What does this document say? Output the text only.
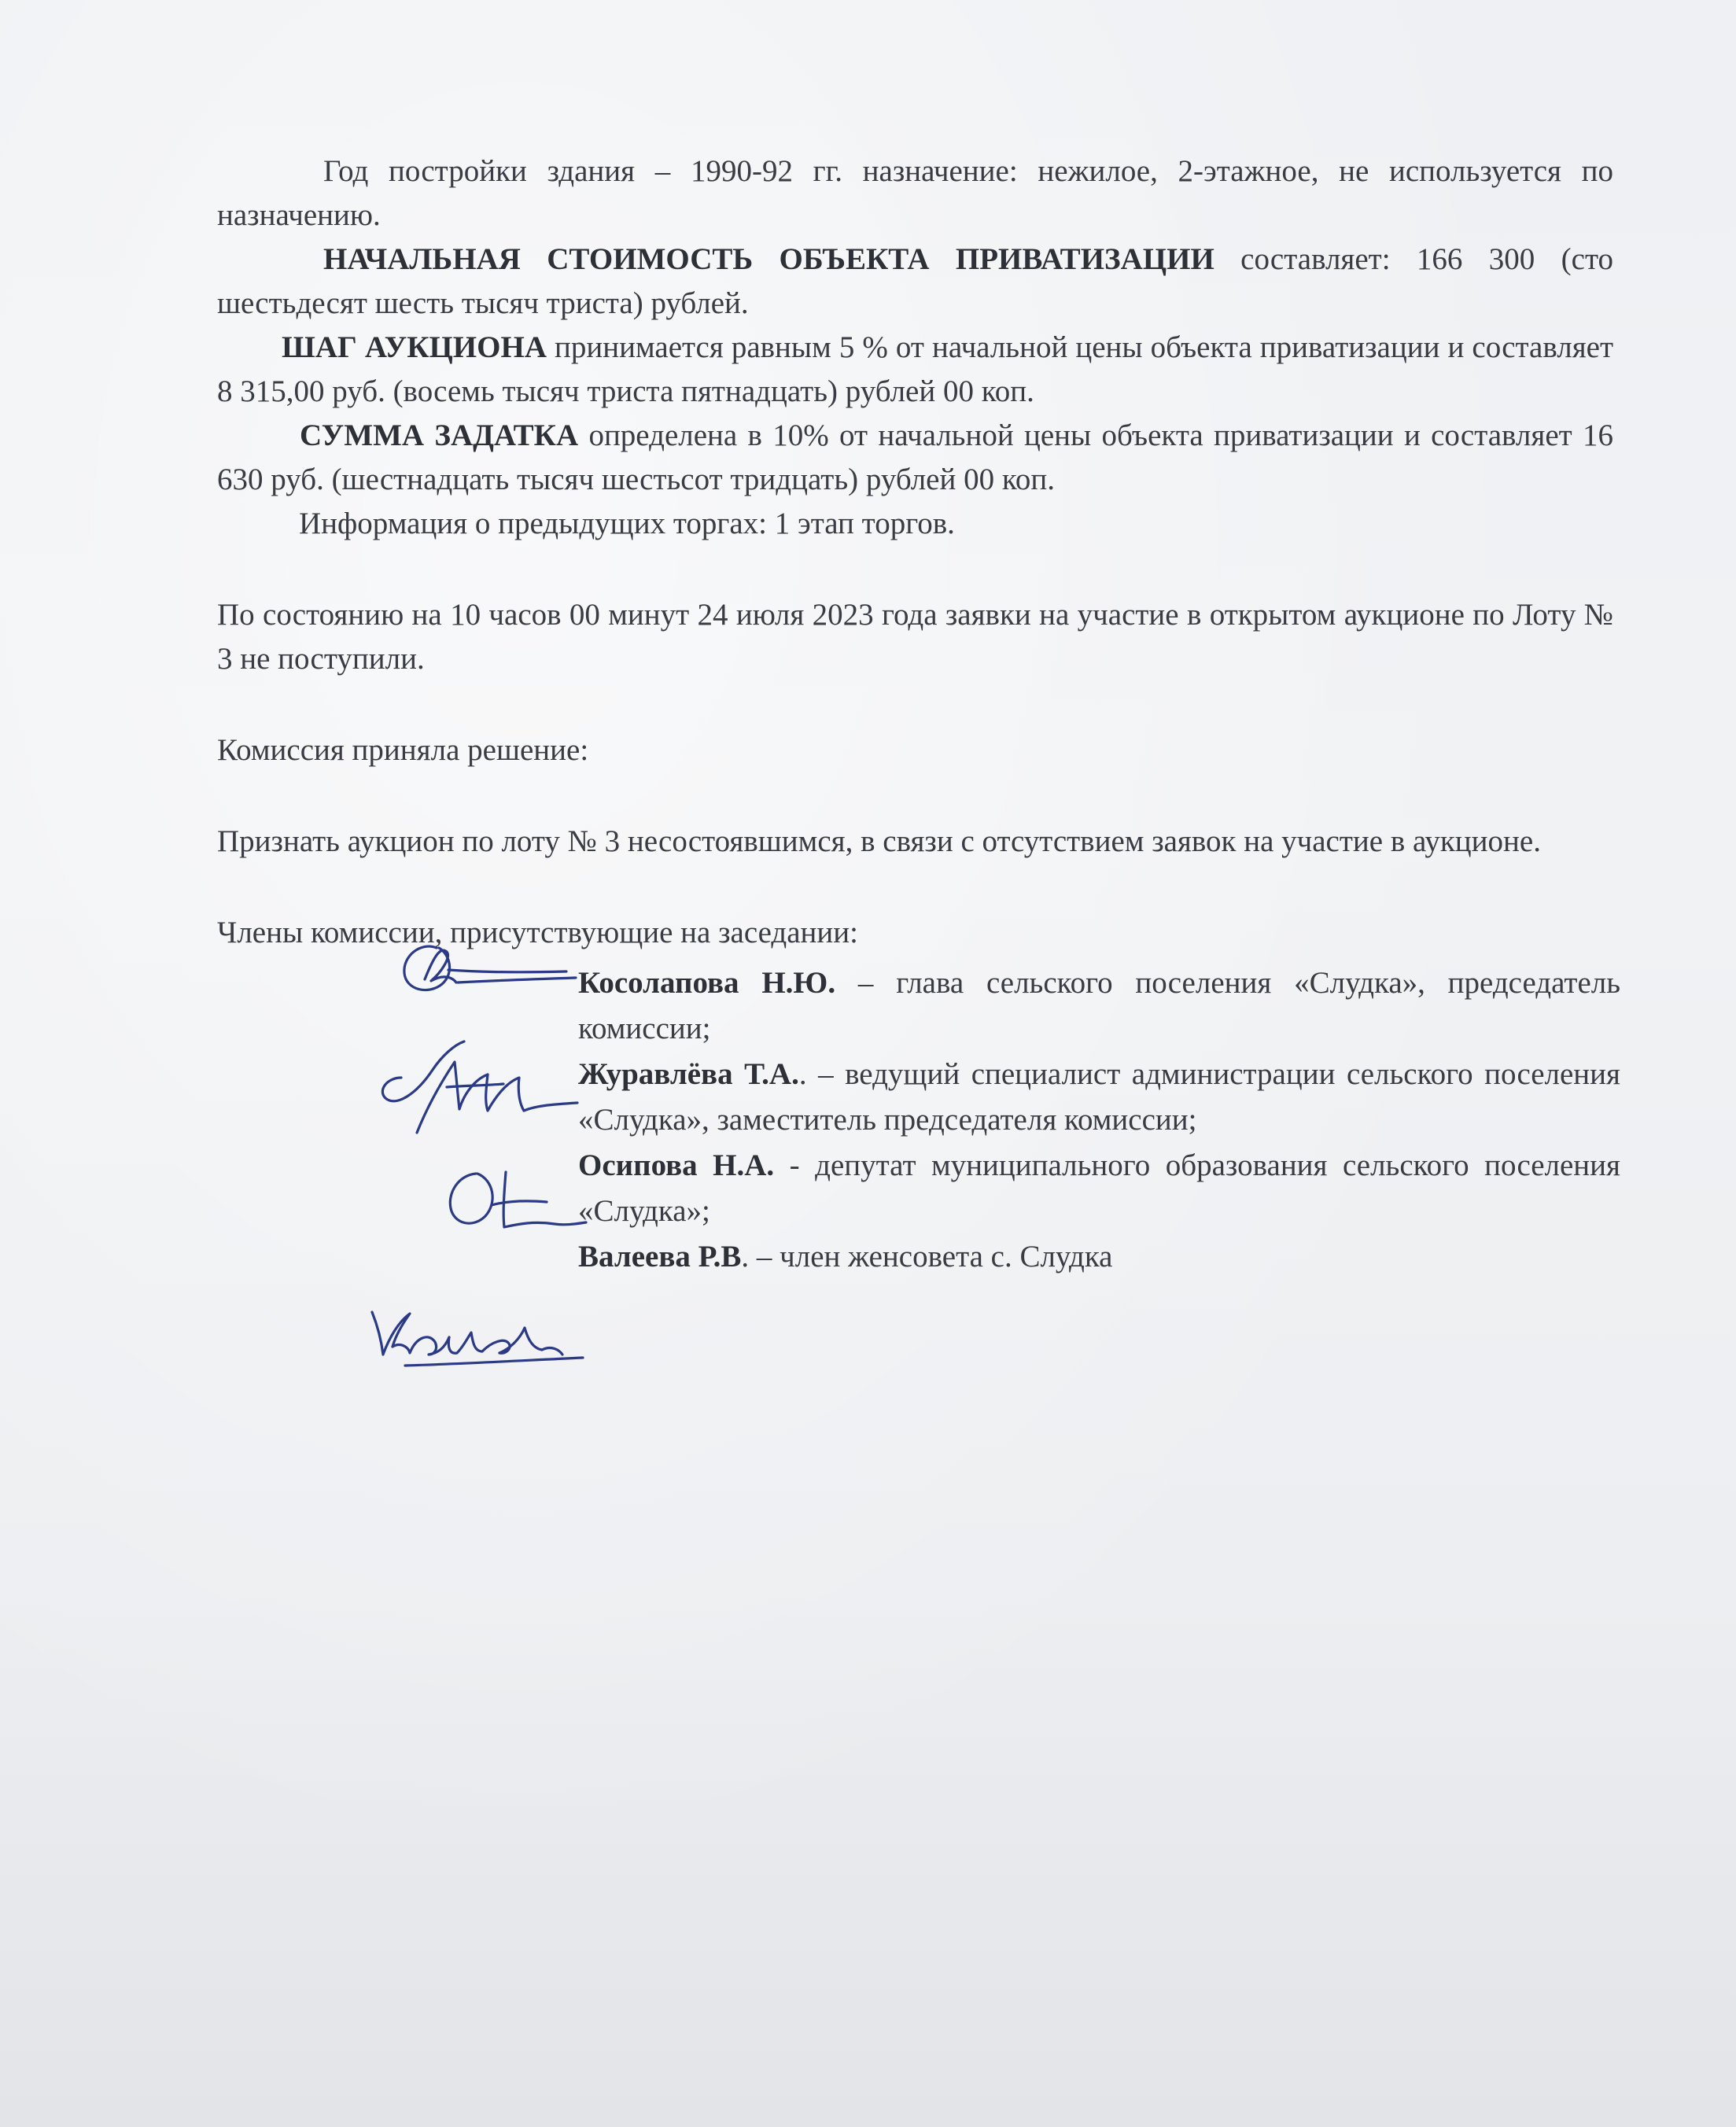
Год постройки здания – 1990-92 гг. назначение: нежилое, 2-этажное, не используется по назначению.

НАЧАЛЬНАЯ СТОИМОСТЬ ОБЪЕКТА ПРИВАТИЗАЦИИ составляет: 166 300 (сто шестьдесят шесть тысяч триста) рублей.

ШАГ АУКЦИОНА принимается равным 5 % от начальной цены объекта приватизации и составляет 8 315,00 руб. (восемь тысяч триста пятнадцать) рублей 00 коп.

СУММА ЗАДАТКА определена в 10% от начальной цены объекта приватизации и составляет 16 630 руб. (шестнадцать тысяч шестьсот тридцать) рублей 00 коп.

Информация о предыдущих торгах: 1 этап торгов.

По состоянию на 10 часов 00 минут 24 июля 2023 года заявки на участие в открытом аукционе по Лоту № 3 не поступили.

Комиссия приняла решение:

Признать аукцион по лоту № 3 несостоявшимся, в связи с отсутствием заявок на участие в аукционе.

Члены комиссии, присутствующие на заседании:

Косолапова Н.Ю. – глава сельского поселения «Слудка», председатель комиссии;

Журавлёва Т.А.. – ведущий специалист администрации сельского поселения «Слудка», заместитель председателя комиссии;

Осипова Н.А. - депутат муниципального образования сельского поселения «Слудка»;

Валеева Р.В. – член женсовета с. Слудка
